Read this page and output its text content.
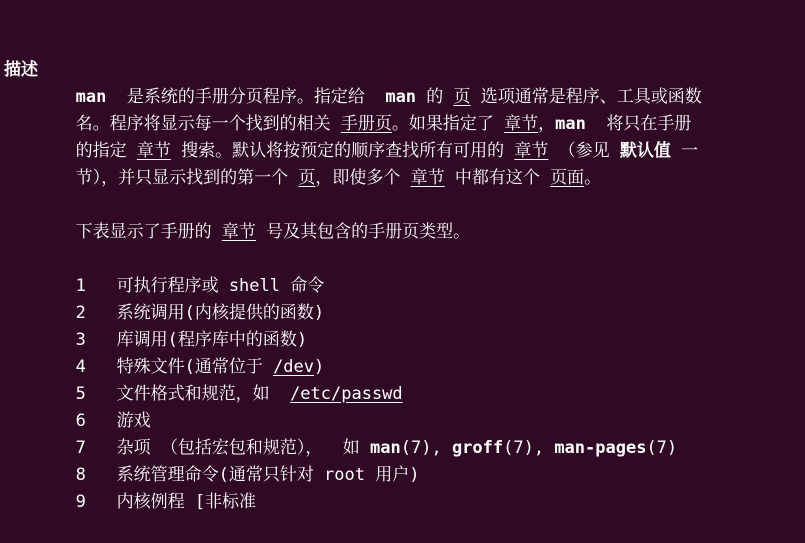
描述
man  是系统的手册分页程序。指定给  man 的 页 选项通常是程序、工具或函数
名。程序将显示每一个找到的相关 手册页。如果指定了 章节，man  将只在手册
的指定 章节 搜索。默认将按预定的顺序查找所有可用的 章节 （参见 默认值 一
节），并只显示找到的第一个 页，即使多个 章节 中都有这个 页面。
下表显示了手册的 章节 号及其包含的手册页类型。
1   可执行程序或 shell 命令
2   系统调用(内核提供的函数)
3   库调用(程序库中的函数)
4   特殊文件(通常位于 /dev)
5   文件格式和规范，如  /etc/passwd
6   游戏
7   杂项 （包括宏包和规范），  如 man(7), groff(7), man-pages(7)
8   系统管理命令(通常只针对 root 用户)
9   内核例程 [非标准
